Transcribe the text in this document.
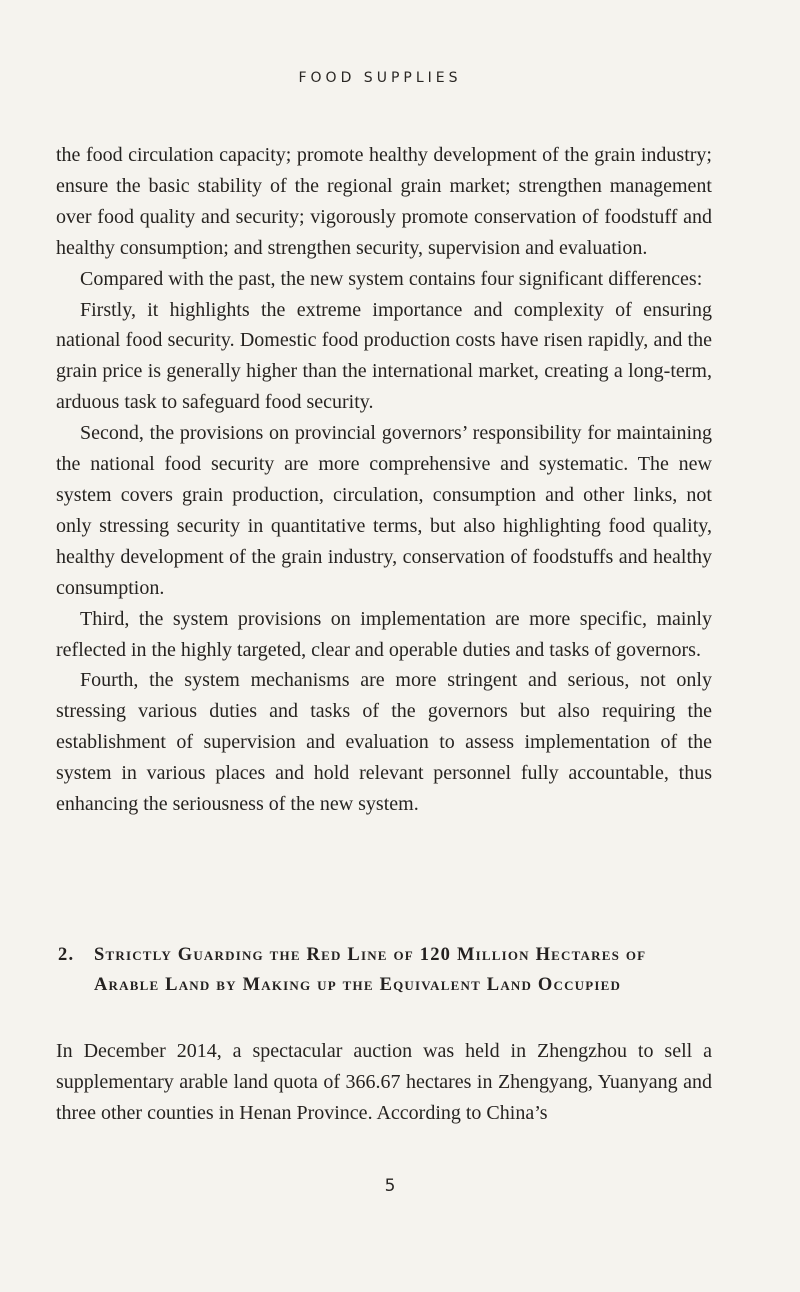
FOOD SUPPLIES

the food circulation capacity; promote healthy development of the grain industry; ensure the basic stability of the regional grain market; strengthen management over food quality and security; vigorously promote conservation of foodstuff and healthy consumption; and strengthen security, supervision and evaluation.

Compared with the past, the new system contains four significant differences:

Firstly, it highlights the extreme importance and complexity of ensuring national food security. Domestic food production costs have risen rapidly, and the grain price is generally higher than the international market, creating a long-term, arduous task to safeguard food security.

Second, the provisions on provincial governors’ responsibility for maintaining the national food security are more comprehensive and systematic. The new system covers grain production, circulation, consumption and other links, not only stressing security in quantitative terms, but also highlighting food quality, healthy development of the grain industry, conservation of foodstuffs and healthy consumption.

Third, the system provisions on implementation are more specific, mainly reflected in the highly targeted, clear and operable duties and tasks of governors.

Fourth, the system mechanisms are more stringent and serious, not only stressing various duties and tasks of the governors but also requiring the establishment of supervision and evaluation to assess implementation of the system in various places and hold relevant personnel fully accountable, thus enhancing the seriousness of the new system.

2. Strictly Guarding the Red Line of 120 Million Hectares of Arable Land by Making up the Equivalent Land Occupied

In December 2014, a spectacular auction was held in Zhengzhou to sell a supplementary arable land quota of 366.67 hectares in Zhengyang, Yuanyang and three other counties in Henan Province. According to China’s

5
